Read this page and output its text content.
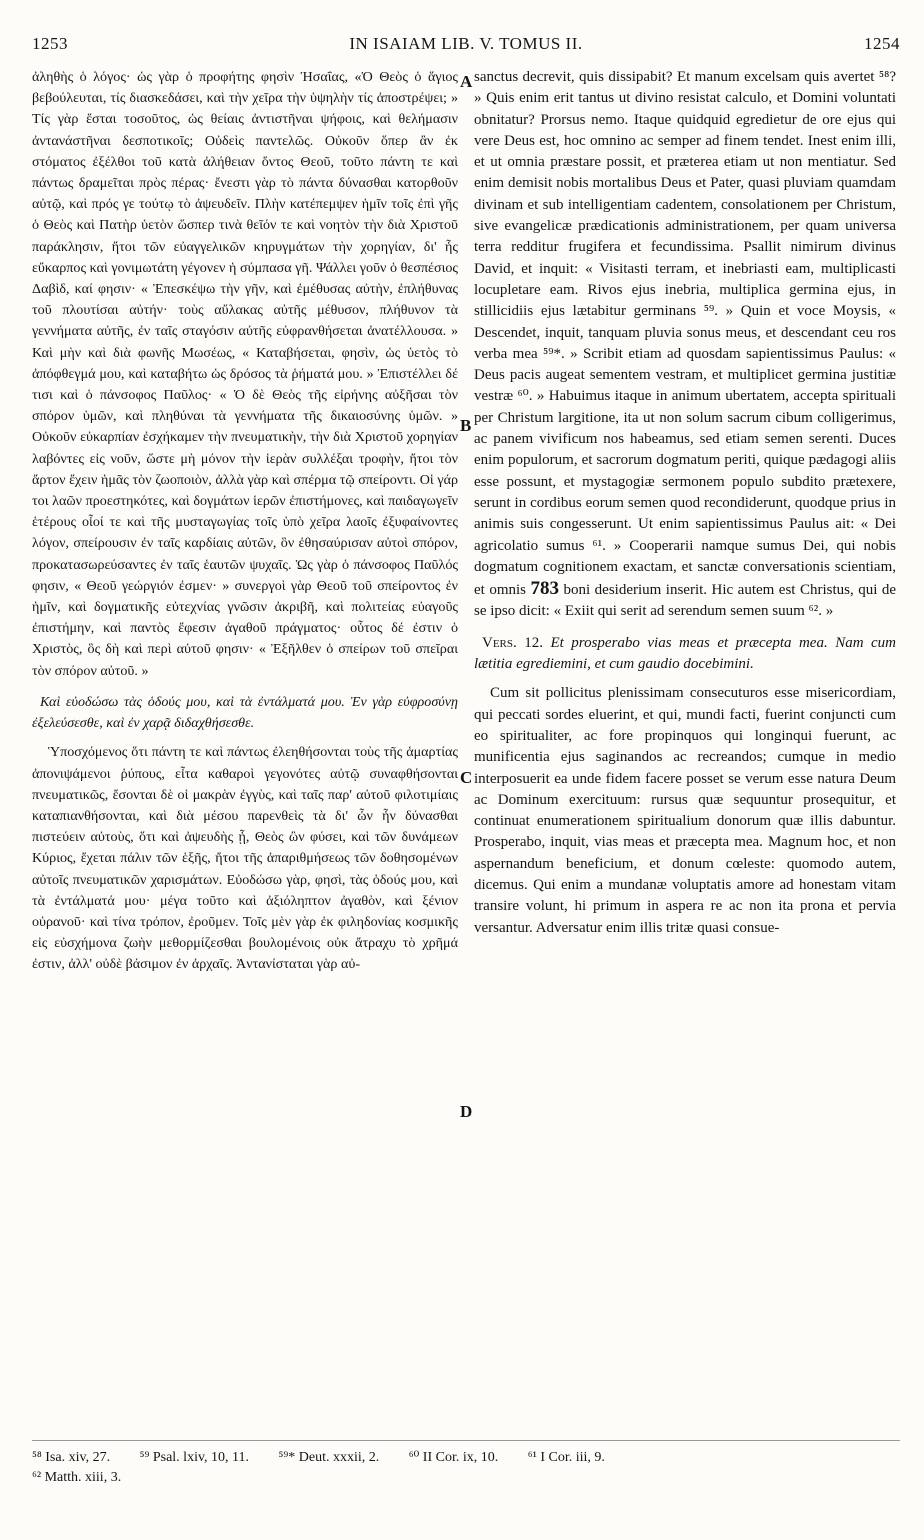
1253	IN ISAIAM LIB. V. TOMUS II.	1254
A
B
C
D

ἀληθὴς ὁ λόγος· ὡς γὰρ ὁ προφήτης φησὶν Ἡσαΐας, «Ὁ Θεὸς ὁ ἅγιος βεβούλευται, τίς διασκεδάσει, καὶ τὴν χεῖρα τὴν ὑψηλὴν τίς ἀποστρέψει; » Τίς γὰρ ἔσται τοσοῦτος, ὡς θείαις ἀντιστῆναι ψήφοις, καὶ θελήμασιν ἀντανάστῆναι δεσποτικοῖς; Οὐδεὶς παντελῶς. Οὐκοῦν ὅπερ ἂν ἐκ στόματος ἐξέλθοι τοῦ κατὰ ἀλήθειαν ὄντος Θεοῦ, τοῦτο πάντη τε καὶ πάντως δραμεῖται πρὸς πέρας· ἔνεστι γὰρ τὸ πάντα δύνασθαι κατορθοῦν αὐτῷ, καὶ πρός γε τούτῳ τὸ ἀψευδεῖν. Πλὴν κατέπεμψεν ἡμῖν τοῖς ἐπὶ γῆς ὁ Θεὸς καὶ Πατὴρ ὑετὸν ὥσπερ τινὰ θεῖόν τε καὶ νοητὸν τὴν διὰ Χριστοῦ παράκλησιν, ἤτοι τῶν εὐαγγελικῶν κηρυγμάτων τὴν χορηγίαν, δι' ἧς εὔκαρπος καὶ γονιμωτάτη γέγονεν ἡ σύμπασα γῆ. Ψάλλει γοῦν ὁ θεσπέσιος Δαβὶδ, καί φησιν· « Ἐπεσκέψω τὴν γῆν, καὶ ἐμέθυσας αὐτὴν, ἐπλήθυνας τοῦ πλουτίσαι αὐτήν· τοὺς αὔλακας αὐτῆς μέθυσον, πλήθυνον τὰ γεννήματα αὐτῆς, ἐν ταῖς σταγόσιν αὐτῆς εὐφρανθήσεται ἀνατέλλουσα. » Καὶ μὴν καὶ διὰ φωνῆς Μωσέως, « Καταβήσεται, φησὶν, ὡς ὑετὸς τὸ ἀπόφθεγμά μου, καὶ καταβήτω ὡς δρόσος τὰ ῥήματά μου. » Ἐπιστέλλει δέ τισι καὶ ὁ πάνσοφος Παῦλος· « Ὁ δὲ Θεὸς τῆς εἰρήνης αὐξῆσαι τὸν σπόρον ὑμῶν, καὶ πληθύναι τὰ γεννήματα τῆς δικαιοσύνης ὑμῶν. » Οὐκοῦν εὐκαρπίαν ἐσχήκαμεν τὴν πνευματικὴν, τὴν διὰ Χριστοῦ χορηγίαν λαβόντες εἰς νοῦν, ὥστε μὴ μόνον τὴν ἱερὰν συλλέξαι τροφὴν, ἤτοι τὸν ἄρτον ἔχειν ἡμᾶς τὸν ζωοποιὸν, ἀλλὰ γὰρ καὶ σπέρμα τῷ σπείροντι. Οἱ γάρ τοι λαῶν προεστηκότες, καὶ δογμάτων ἱερῶν ἐπιστήμονες, καὶ παιδαγωγεῖν ἑτέρους οἷοί τε καὶ τῆς μυσταγωγίας τοῖς ὑπὸ χεῖρα λαοῖς ἐξυφαίνοντες λόγον, σπείρουσιν ἐν ταῖς καρδίαις αὐτῶν, ὃν ἐθησαύρισαν αὐτοὶ σπόρον, προκατασωρεύσαντες ἐν ταῖς ἑαυτῶν ψυχαῖς. Ὡς γὰρ ὁ πάνσοφος Παῦλός φησιν, « Θεοῦ γεώργιόν ἐσμεν· » συνεργοὶ γὰρ Θεοῦ τοῦ σπείροντος ἐν ἡμῖν, καὶ δογματικῆς εὐτεχνίας γνῶσιν ἀκριβῆ, καὶ πολιτείας εὐαγοῦς ἐπιστήμην, καὶ παντὸς ἔφεσιν ἀγαθοῦ πράγματος· οὗτος δέ ἐστιν ὁ Χριστὸς, ὃς δὴ καὶ περὶ αὐτοῦ φησιν· « Ἐξῆλθεν ὁ σπείρων τοῦ σπεῖραι τὸν σπόρον αὐτοῦ. »

Καὶ εὐοδώσω τὰς ὁδούς μου, καὶ τὰ ἐντάλματά μου. Ἐν γὰρ εὐφροσύνῃ ἐξελεύσεσθε, καὶ ἐν χαρᾷ διδαχθήσεσθε.

Ὑποσχόμενος ὅτι πάντη τε καὶ πάντως ἐλεηθήσονται τοὺς τῆς ἁμαρτίας ἀπονιψάμενοι ῥύπους, εἶτα καθαροὶ γεγονότες αὐτῷ συναφθήσονται πνευματικῶς, ἔσονται δὲ οἱ μακρὰν ἐγγὺς, καὶ ταῖς παρ' αὐτοῦ φιλοτιμίαις καταπιανθήσονται, καὶ διὰ μέσου παρενθεὶς τὰ δι' ὧν ἦν δύνασθαι πιστεύειν αὐτοὺς, ὅτι καὶ ἀψευδὴς ᾖ, Θεὸς ὢν φύσει, καὶ τῶν δυνάμεων Κύριος, ἔχεται πάλιν τῶν ἑξῆς, ἤτοι τῆς ἀπαριθμήσεως τῶν δοθησομένων αὐτοῖς πνευματικῶν χαρισμάτων. Εὐοδώσω γὰρ, φησὶ, τὰς ὁδούς μου, καὶ τὰ ἐντάλματά μου· μέγα τοῦτο καὶ ἀξιόληπτον ἀγαθὸν, καὶ ξένιον οὐρανοῦ· καὶ τίνα τρόπον, ἐροῦμεν. Τοῖς μὲν γὰρ ἐκ φιληδονίας κοσμικῆς εἰς εὐσχήμονα ζωὴν μεθορμίζεσθαι βουλομένοις οὐκ ἄτραχυ τὸ χρῆμά ἐστιν, ἀλλ' οὐδὲ βάσιμον ἐν ἀρχαῖς. Ἀντανίσταται γὰρ αὐ-

sanctus decrevit, quis dissipabit? Et manum excelsam quis avertet ⁵⁸? » Quis enim erit tantus ut divino resistat calculo, et Domini voluntati obnitatur? Prorsus nemo. Itaque quidquid egredietur de ore ejus qui vere Deus est, hoc omnino ac semper ad finem tendet. Inest enim illi, et ut omnia præstare possit, et præterea etiam ut non mentiatur. Sed enim demisit nobis mortalibus Deus et Pater, quasi pluviam quamdam divinam et sub intelligentiam cadentem, consolationem per Christum, sive evangelicæ prædicationis administrationem, per quam universa terra redditur frugifera et fecundissima. Psallit nimirum divinus David, et inquit: « Visitasti terram, et inebriasti eam, multiplicasti locupletare eam. Rivos ejus inebria, multiplica germina ejus, in stillicidiis ejus lætabitur germinans ⁵⁹. » Quin et voce Moysis, « Descendet, inquit, tanquam pluvia sonus meus, et descendant ceu ros verba mea ⁵⁹*. » Scribit etiam ad quosdam sapientissimus Paulus: « Deus pacis augeat sementem vestram, et multiplicet germina justitiæ vestræ ⁶⁰. » Habuimus itaque in animum ubertatem, accepta spirituali per Christum largitione, ita ut non solum sacrum cibum colligerimus, ac panem vivificum nos habeamus, sed etiam semen serenti. Duces enim populorum, et sacrorum dogmatum periti, quique pædagogi aliis esse possunt, et mystagogiæ sermonem populo subdito prætexere, serunt in cordibus eorum semen quod recondiderunt, quodque prius in animis suis congesserunt. Ut enim sapientissimus Paulus ait: « Dei agricolatio sumus ⁶¹. » Cooperarii namque sumus Dei, qui nobis dogmatum cognitionem exactam, et sanctæ conversationis scientiam, et omnis 783 boni desiderium inserit. Hic autem est Christus, qui de se ipso dicit: « Exiit qui serit ad serendum semen suum ⁶². »

Vers. 12. Et prosperabo vias meas et præcepta mea. Nam cum lætitia egrediemini, et cum gaudio docebimini.

Cum sit pollicitus plenissimam consecuturos esse misericordiam, qui peccati sordes eluerint, et qui, mundi facti, fuerint conjuncti cum eo spiritualiter, ac fore propinquos qui longinqui fuerunt, ac munificentia ejus saginandos ac recreandos; cumque in medio interposuerit ea unde fidem facere posset se verum esse natura Deum ac Dominum exercituum: rursus quæ sequuntur prosequitur, et continuat enumerationem spiritualium donorum quæ illis dabuntur. Prosperabo, inquit, vias meas et præcepta mea. Magnum hoc, et non aspernandum beneficium, et donum cœleste: quomodo autem, dicemus. Qui enim a mundanæ voluptatis amore ad honestam vitam transire volunt, hi primum in aspera re ac non ita prona et pervia versantur. Adversatur enim illis tritæ quasi consue-

⁵⁸ Isa. xiv, 27. ⁵⁹ Psal. lxiv, 10, 11. ⁵⁹* Deut. xxxii, 2. ⁶⁰ II Cor. ix, 10. ⁶¹ I Cor. iii, 9.
⁶² Matth. xiii, 3.
